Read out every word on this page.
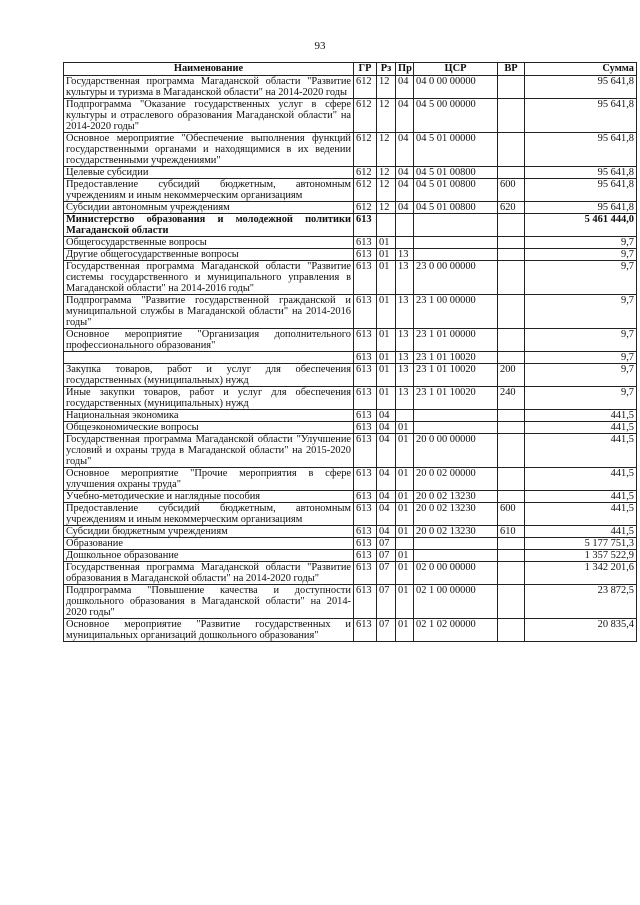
93
Наименование	ГР	Рз	Пр	ЦСР	ВР	Сумма
Государственная программа Магаданской области "Развитие культуры и туризма в Магаданской области" на 2014-2020 годы	612	12	04	04 0 00 00000		95 641,8
Подпрограмма "Оказание государственных услуг в сфере культуры и отраслевого образования Магаданской области" на 2014-2020 годы"	612	12	04	04 5 00 00000		95 641,8
Основное мероприятие "Обеспечение выполнения функций государственными органами и находящимися в их ведении государственными учреждениями"	612	12	04	04 5 01 00000		95 641,8
Целевые субсидии	612	12	04	04 5 01 00800		95 641,8
Предоставление субсидий бюджетным, автономным учреждениям и иным некоммерческим организациям	612	12	04	04 5 01 00800	600	95 641,8
Субсидии автономным учреждениям	612	12	04	04 5 01 00800	620	95 641,8
Министерство образования и молодежной политики Магаданской области	613					5 461 444,0
Общегосударственные вопросы	613	01				9,7
Другие общегосударственные вопросы	613	01	13			9,7
Государственная программа Магаданской области "Развитие системы государственного и муниципального управления в Магаданской области" на 2014-2016 годы"	613	01	13	23 0 00 00000		9,7
Подпрограмма "Развитие государственной гражданской и муниципальной службы в Магаданской области" на 2014-2016 годы"	613	01	13	23 1 00 00000		9,7
Основное мероприятие "Организация дополнительного профессионального образования"	613	01	13	23 1 01 00000		9,7
	613	01	13	23 1 01 10020		9,7
Закупка товаров, работ и услуг для обеспечения государственных (муниципальных) нужд	613	01	13	23 1 01 10020	200	9,7
Иные закупки товаров, работ и услуг для обеспечения государственных (муниципальных) нужд	613	01	13	23 1 01 10020	240	9,7
Национальная экономика	613	04				441,5
Общеэкономические вопросы	613	04	01			441,5
Государственная программа Магаданской области "Улучшение условий и охраны труда в Магаданской области" на 2015-2020 годы"	613	04	01	20 0 00 00000		441,5
Основное мероприятие "Прочие мероприятия в сфере улучшения охраны труда"	613	04	01	20 0 02 00000		441,5
Учебно-методические и наглядные пособия	613	04	01	20 0 02 13230		441,5
Предоставление субсидий бюджетным, автономным учреждениям и иным некоммерческим организациям	613	04	01	20 0 02 13230	600	441,5
Субсидии бюджетным учреждениям	613	04	01	20 0 02 13230	610	441,5
Образование	613	07				5 177 751,3
Дошкольное образование	613	07	01			1 357 522,9
Государственная программа Магаданской области "Развитие образования в Магаданской области" на 2014-2020 годы"	613	07	01	02 0 00 00000		1 342 201,6
Подпрограмма "Повышение качества и доступности дошкольного образования в Магаданской области" на 2014-2020 годы"	613	07	01	02 1 00 00000		23 872,5
Основное мероприятие "Развитие государственных и муниципальных организаций дошкольного образования"	613	07	01	02 1 02 00000		20 835,4
